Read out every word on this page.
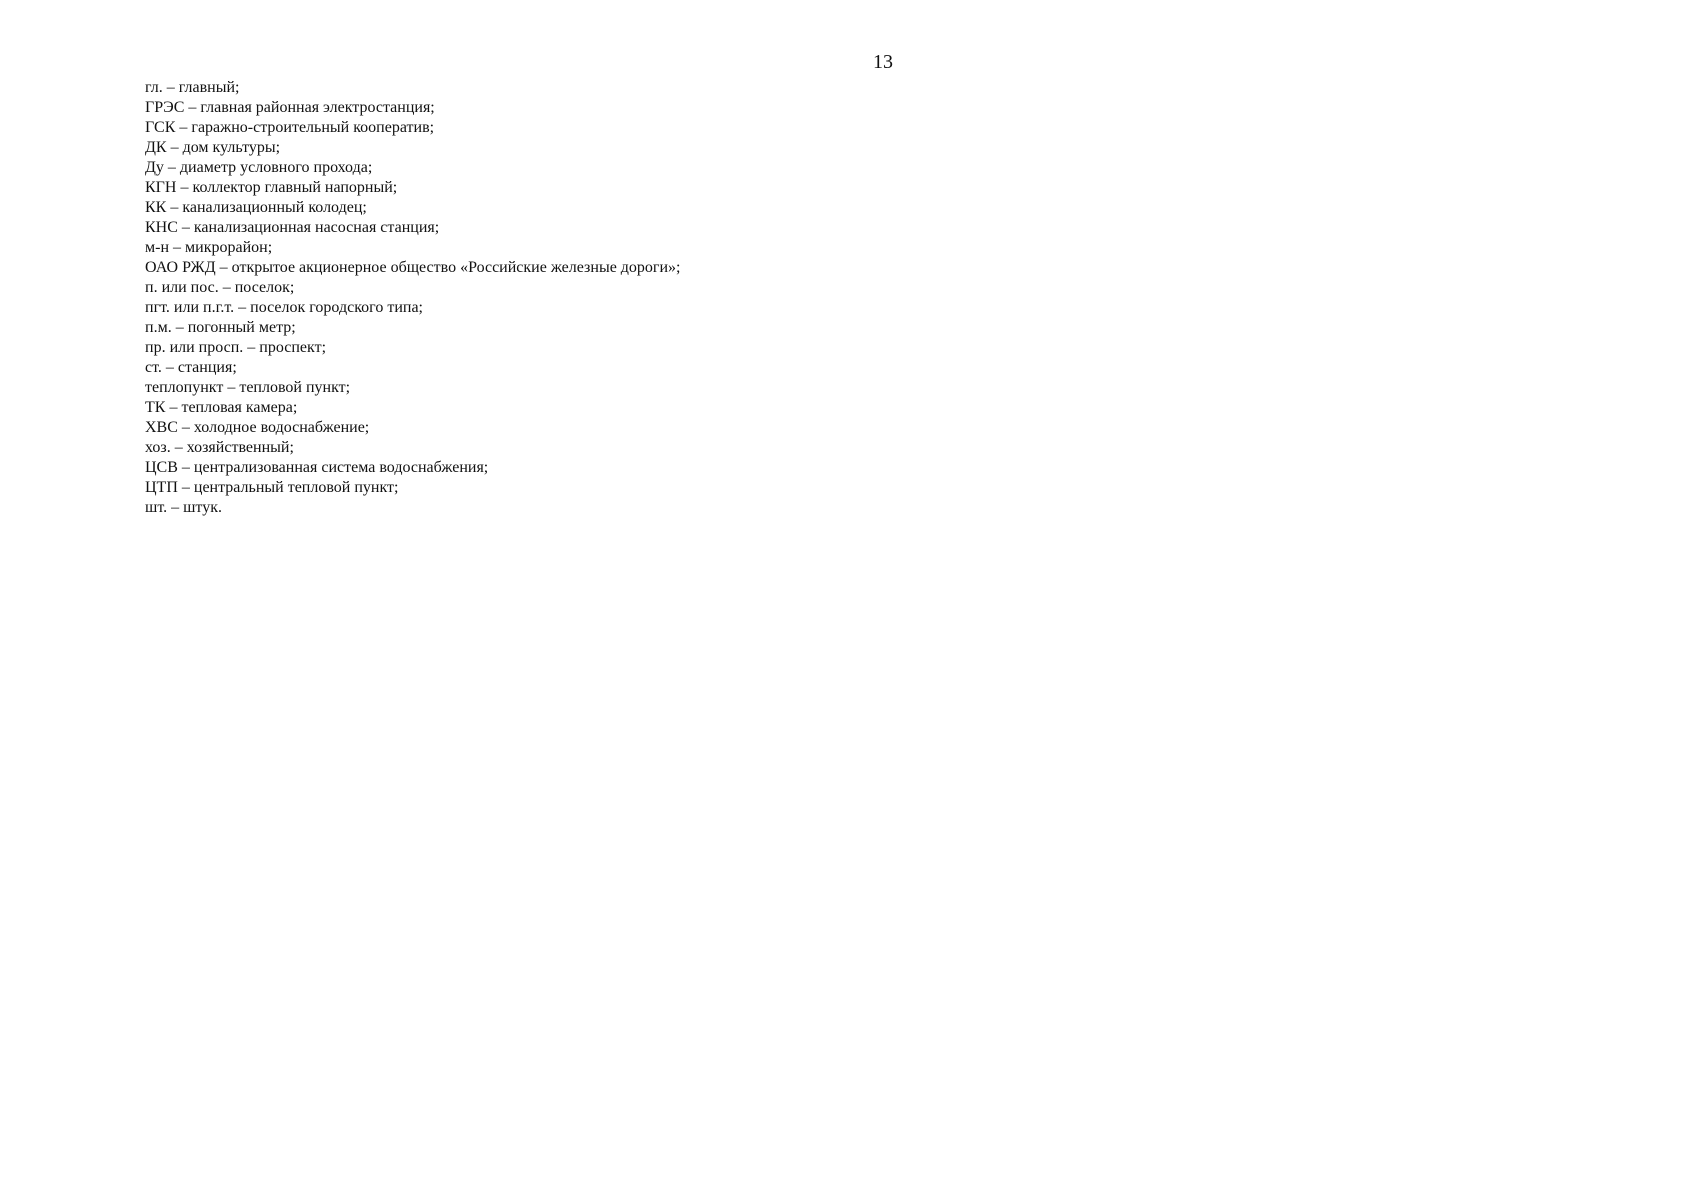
13
гл. – главный;
ГРЭС – главная районная электростанция;
ГСК – гаражно-строительный кооператив;
ДК – дом культуры;
Ду – диаметр условного прохода;
КГН – коллектор главный напорный;
КК – канализационный колодец;
КНС – канализационная насосная станция;
м-н – микрорайон;
ОАО РЖД – открытое акционерное общество «Российские железные дороги»;
п. или пос. – поселок;
пгт. или п.г.т. – поселок городского типа;
п.м. – погонный метр;
пр. или просп. – проспект;
ст. – станция;
теплопункт – тепловой пункт;
ТК – тепловая камера;
ХВС – холодное водоснабжение;
хоз. – хозяйственный;
ЦСВ – централизованная система водоснабжения;
ЦТП – центральный тепловой пункт;
шт. – штук.
